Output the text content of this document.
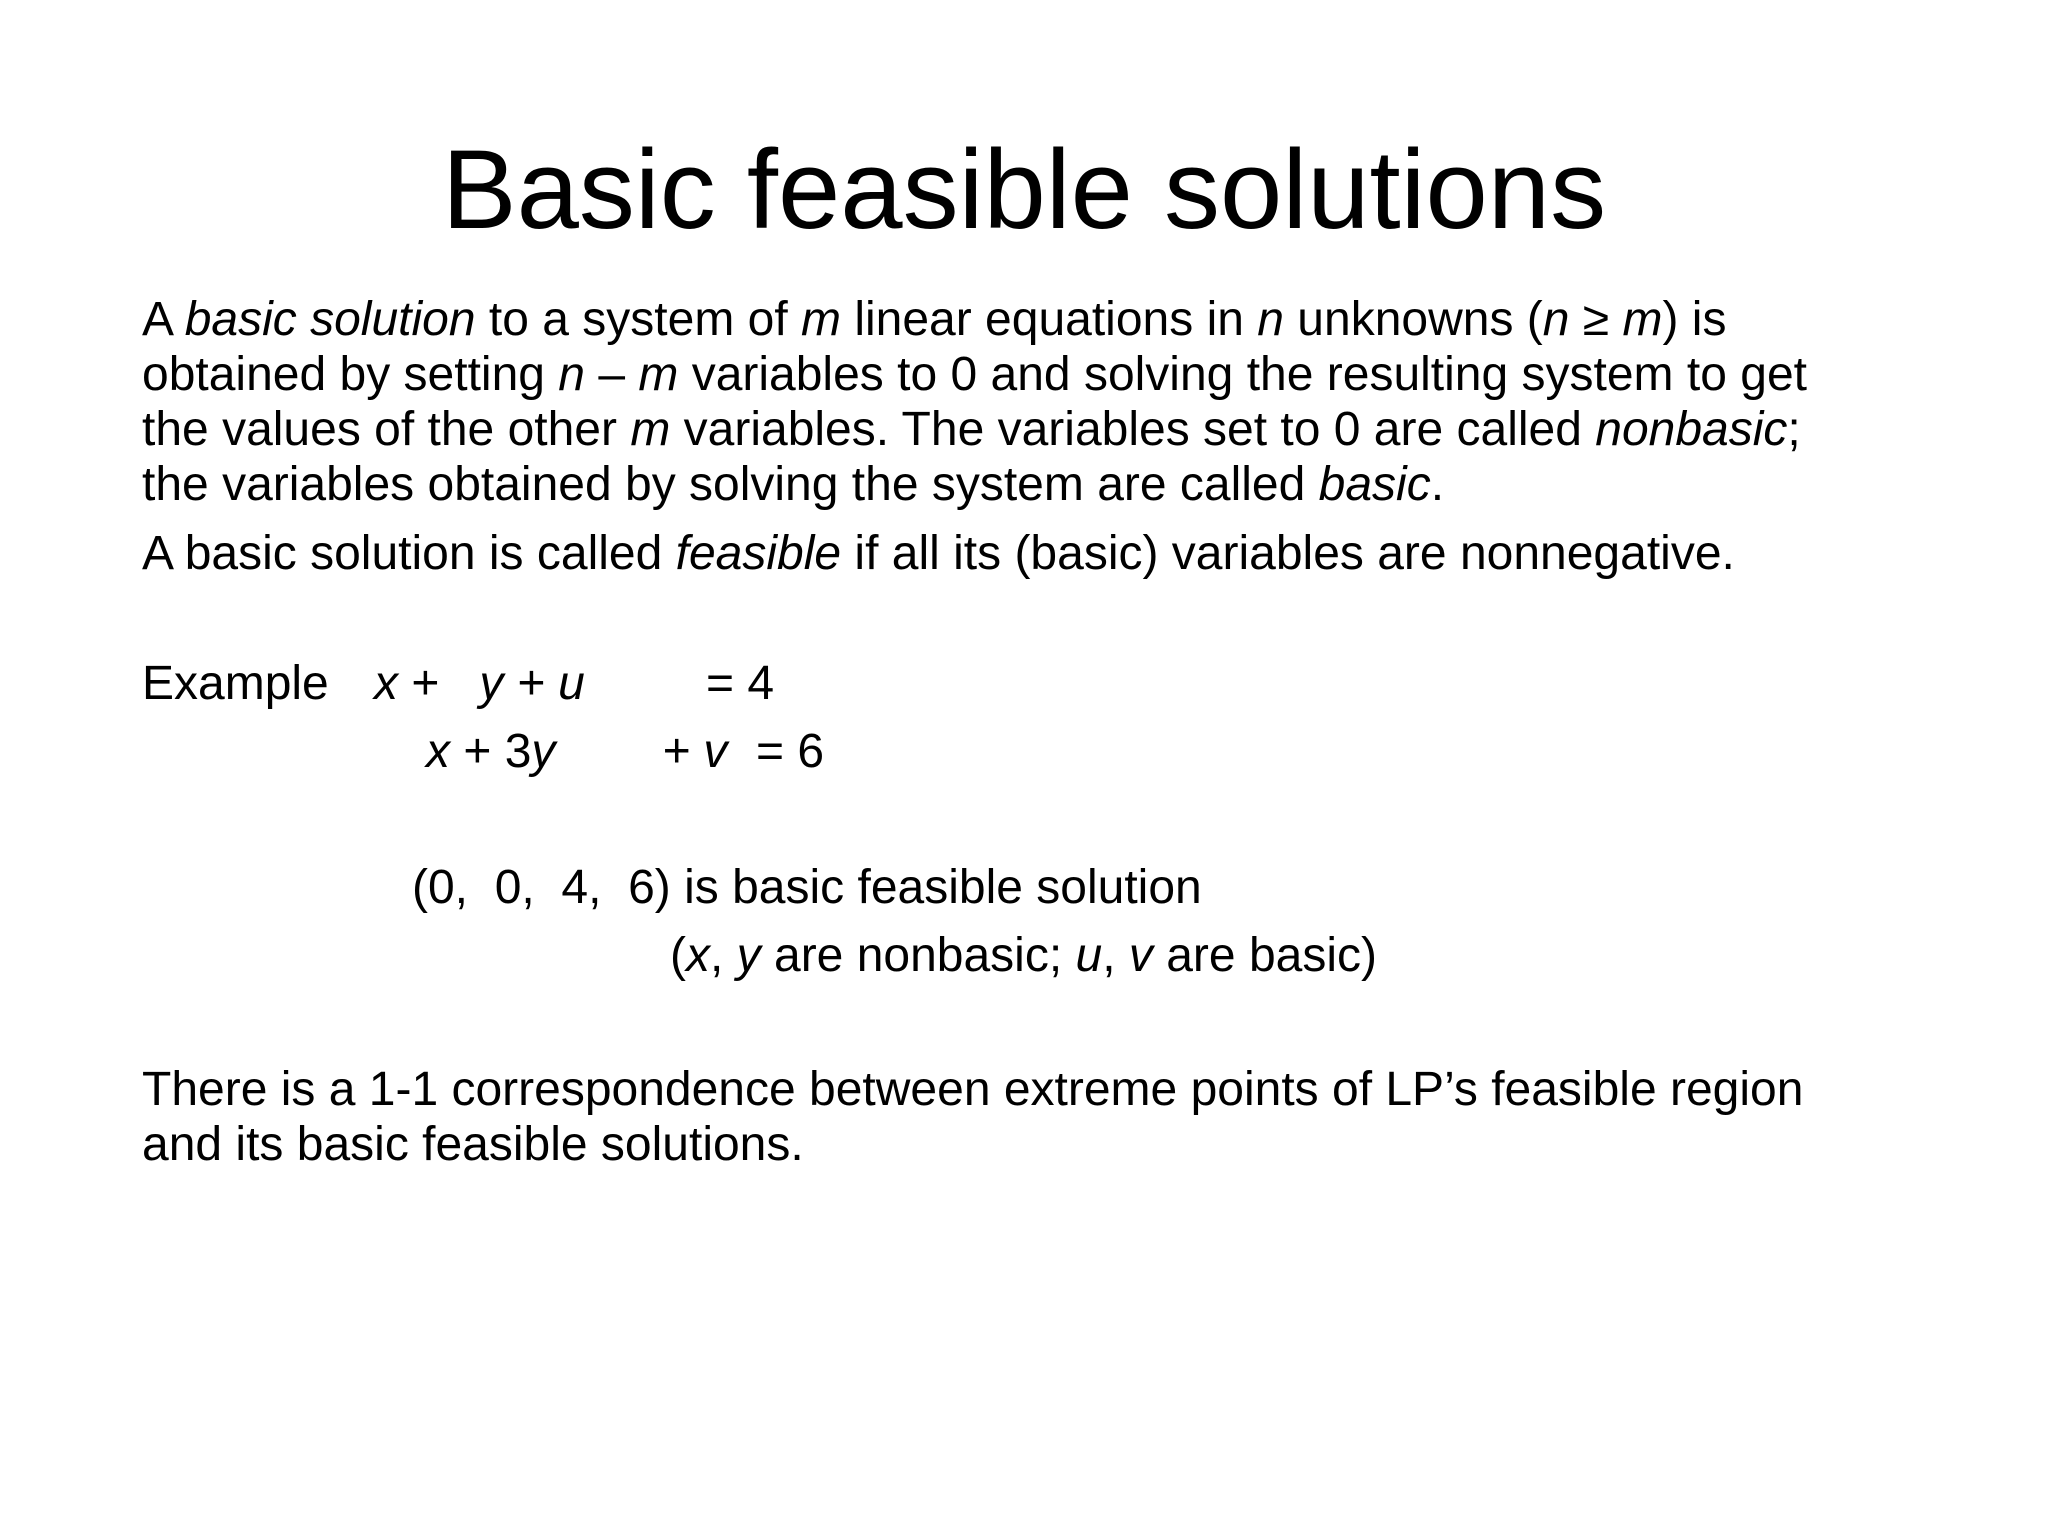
Basic feasible solutions
A basic solution to a system of m linear equations in n unknowns (n ≥ m) is
obtained by setting n – m variables to 0 and solving the resulting system to get
the values of the other m variables. The variables set to 0 are called nonbasic;
the variables obtained by solving the system are called basic.
A basic solution is called feasible if all its (basic) variables are nonnegative.
Example x +   y + u	= 4
x + 3y + v = 6
(0,  0,  4,  6) is basic feasible solution
(x, y are nonbasic; u, v are basic)
There is a 1-1 correspondence between extreme points of LP’s feasible region
and its basic feasible solutions.
